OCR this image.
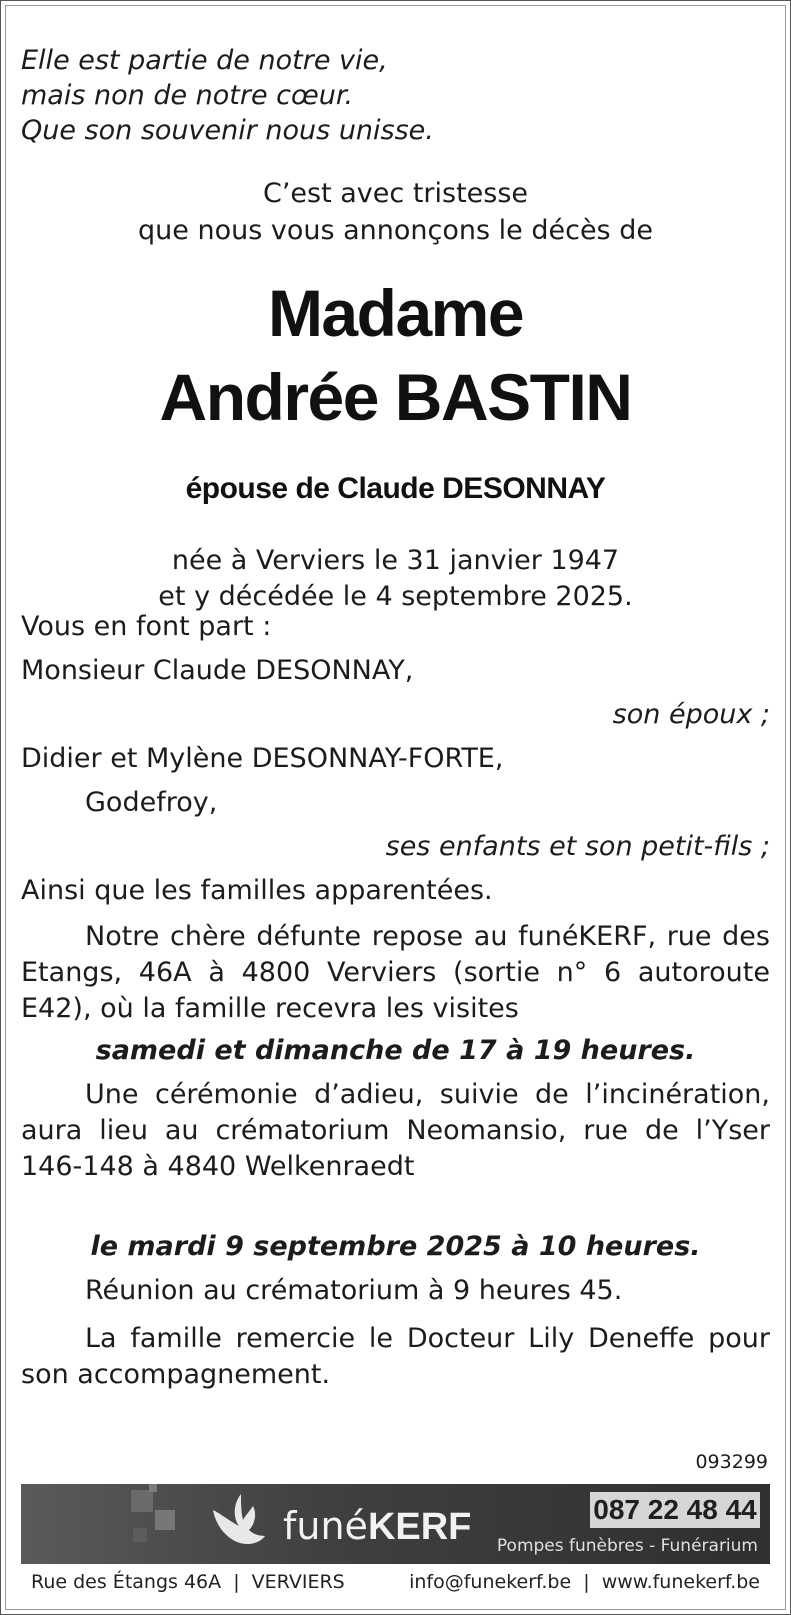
Elle est partie de notre vie,
mais non de notre cœur.
Que son souvenir nous unisse.
C’est avec tristesse
que nous vous annonçons le décès de
Madame
Andrée BASTIN
épouse de Claude DESONNAY
née à Verviers le 31 janvier 1947
et y décédée le 4 septembre 2025.
Vous en font part :
Monsieur Claude DESONNAY,
son époux ;
Didier et Mylène DESONNAY-FORTE,
Godefroy,
ses enfants et son petit-fils ;
Ainsi que les familles apparentées.

Notre chère défunte repose au funéKERF, rue des Etangs, 46A à 4800 Verviers (sortie n° 6 autoroute E42), où la famille recevra les visites

samedi et dimanche de 17 à 19 heures.

Une cérémonie d’adieu, suivie de l’incinération, aura lieu au crématorium Neomansio, rue de l’Yser 146-148 à 4840 Welkenraedt

le mardi 9 septembre 2025 à 10 heures.

Réunion au crématorium à 9 heures 45.

La famille remercie le Docteur Lily Deneffe pour son accompagnement.

093299
funéKERF	087 22 48 44
Pompes funèbres - Funérarium
Rue des Étangs 46A  |  VERVIERS	info@funekerf.be  |  www.funekerf.be
